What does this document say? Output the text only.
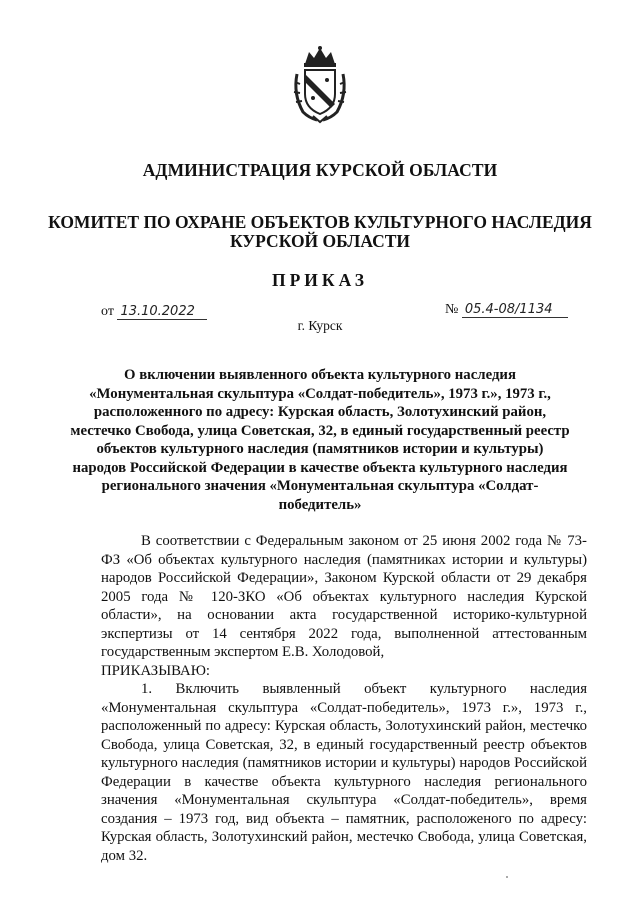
АДМИНИСТРАЦИЯ КУРСКОЙ ОБЛАСТИ
КОМИТЕТ ПО ОХРАНЕ ОБЪЕКТОВ КУЛЬТУРНОГО НАСЛЕДИЯ
КУРСКОЙ ОБЛАСТИ
ПРИКАЗ
от 13.10.2022	№ 05.4-08/1134
г. Курск
О включении выявленного объекта культурного наследия «Монументальная скульптура «Солдат-победитель», 1973 г.», 1973 г., расположенного по адресу: Курская область, Золотухинский район, местечко Свобода, улица Советская, 32, в единый государственный реестр объектов культурного наследия (памятников истории и культуры) народов Российской Федерации в качестве объекта культурного наследия регионального значения «Монументальная скульптура «Солдат-победитель»

В соответствии с Федеральным законом от 25 июня 2002 года № 73-ФЗ «Об объектах культурного наследия (памятниках истории и культуры) народов Российской Федерации», Законом Курской области от 29 декабря 2005 года № 120-ЗКО «Об объектах культурного наследия Курской области», на основании акта государственной историко-культурной экспертизы от 14 сентября 2022 года, выполненной аттестованным государственным экспертом Е.В. Холодовой,

ПРИКАЗЫВАЮ:

1. Включить выявленный объект культурного наследия «Монументальная скульптура «Солдат-победитель», 1973 г.», 1973 г., расположенный по адресу: Курская область, Золотухинский район, местечко Свобода, улица Советская, 32, в единый государственный реестр объектов культурного наследия (памятников истории и культуры) народов Российской Федерации в качестве объекта культурного наследия регионального значения «Монументальная скульптура «Солдат-победитель», время создания – 1973 год, вид объекта – памятник, расположеного по адресу: Курская область, Золотухинский район, местечко Свобода, улица Советская, дом 32.
